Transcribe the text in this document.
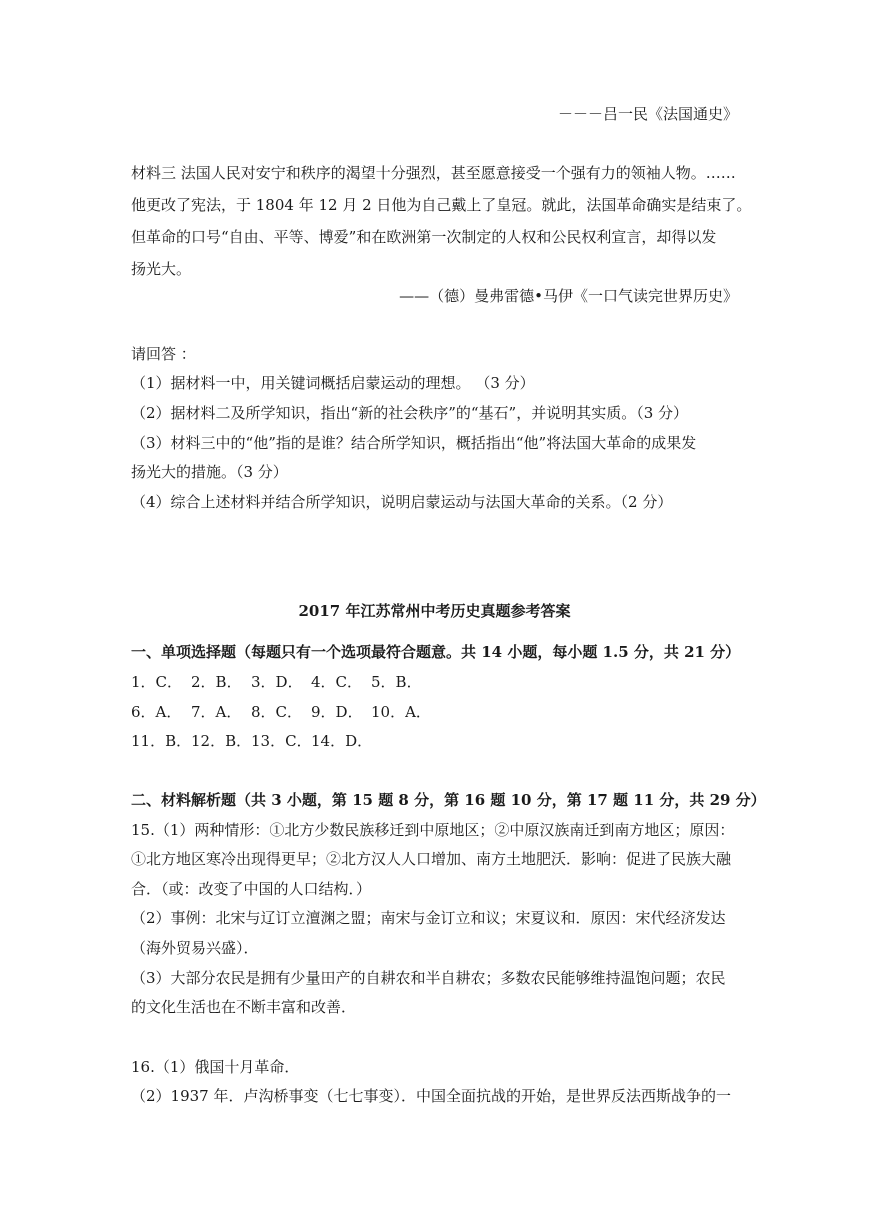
－－－吕一民《法国通史》
材料三 法国人民对安宁和秩序的渴望十分强烈，甚至愿意接受一个强有力的领袖人物。……
他更改了宪法，于 1804 年 12 月 2 日他为自己戴上了皇冠。就此，法国革命确实是结束了。
但革命的口号“自由、平等、博爱”和在欧洲第一次制定的人权和公民权利宣言，却得以发
扬光大。
——（德）曼弗雷德•马伊《一口气读完世界历史》
请回答 ：
（1）据材料一中，用关键词概括启蒙运动的理想。 （3 分）
（2）据材料二及所学知识，指出“新的社会秩序”的“基石”，并说明其实质。（3 分）
（3）材料三中的“他”指的是谁？结合所学知识，概括指出“他”将法国大革命的成果发
扬光大的措施。（3 分）
（4）综合上述材料并结合所学知识，说明启蒙运动与法国大革命的关系。（2 分）
2017 年江苏常州中考历史真题参考答案
一、单项选择题（每题只有一个选项最符合题意。共 14 小题，每小题 1.5 分，共 21 分）
1．C． 2．B． 3．D． 4．C． 5．B．
6．A． 7．A． 8．C． 9．D． 10．A．
11．B． 12．B． 13．C． 14．D．
二、材料解析题（共 3 小题，第 15 题 8 分，第 16 题 10 分，第 17 题 11 分，共 29 分）
15.（1）两种情形：①北方少数民族移迁到中原地区；②中原汉族南迁到南方地区；原因：
①北方地区寒冷出现得更早；②北方汉人人口增加、南方土地肥沃．影响：促进了民族大融
合．（或：改变了中国的人口结构．）
（2）事例：北宋与辽订立澶渊之盟；南宋与金订立和议；宋夏议和．原因：宋代经济发达
（海外贸易兴盛）．
（3）大部分农民是拥有少量田产的自耕农和半自耕农；多数农民能够维持温饱问题；农民
的文化生活也在不断丰富和改善．
16.（1）俄国十月革命．
（2）1937 年．卢沟桥事变（七七事变）．中国全面抗战的开始，是世界反法西斯战争的一
